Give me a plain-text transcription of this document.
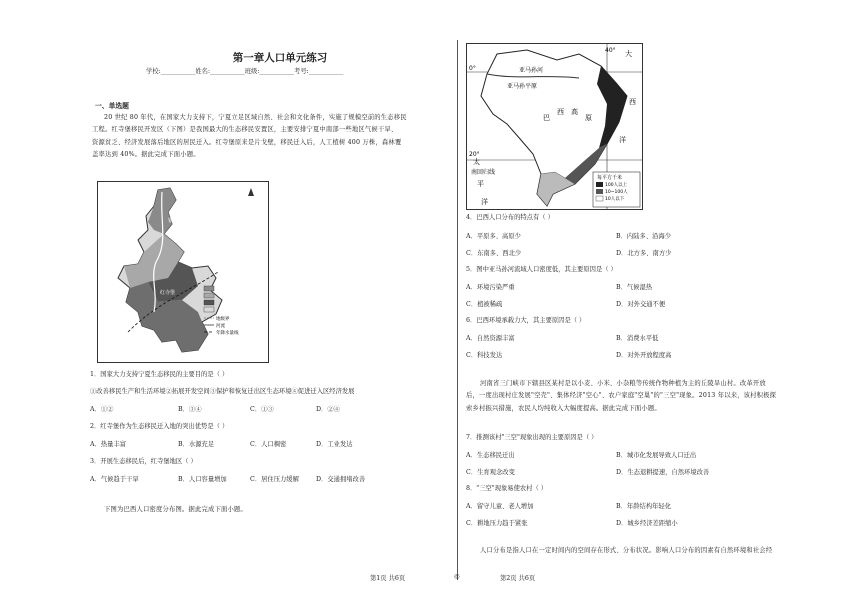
第一章人口单元练习
学校:___________姓名:___________班级:___________考号:___________
一、单选题
20 世纪 80 年代，在国家大力支持下，宁夏立足区域自然、社会和文化条件，实施了规模空前的生态移民
工程。红寺堡移民开发区（下图）是我国最大的生态移民安置区，主要安排宁夏中南部一些地区气候干旱、
资源贫乏、经济发展落后地区的居民迁入。红寺堡原来是片戈壁，移民迁入后，人工植树 400 万株，森林覆
盖率达到 40%。据此完成下面小题。
地级界
河流
年降水量线
银川
红寺堡
1．国家大力支持宁夏生态移民的主要目的是（ ）
①改善移民生产和生活环境②拓展开发空间③保护和恢复迁出区生态环境④促进迁入区经济发展
A．①②	B．③④	C．①③	D．②④
2．红寺堡作为生态移民迁入地的突出优势是（ ）
A．热量丰富	B．水源充足	C．人口稠密	D．工业发达
3．开展生态移民后，红寺堡地区（ ）
A．气候趋于干旱	B．人口容量增加	C．居住压力缓解	D．交通拥堵改善
下图为巴西人口密度分布图。据此完成下面小题。
每平方千米
100人以上
10~100人
10人以下
40° 大
西
洋
0°
20°
亚马孙河
亚马孙平原
巴
西 高
原
太
南回归线
平
洋
4．巴西人口分布的特点有（ ）
A．平原多、高原少	B．内陆多、沿海少
C．东南多、西北少	D．北方多、南方少
5．图中亚马孙河流域人口密度低，其主要原因是（ ）
A．环境污染严重	B．气候湿热
C．植被稀疏	D．对外交通不便
6．巴西环境承载力大，其主要原因是（ ）
A．自然资源丰富	B．消费水平低
C．科技发达	D．对外开放程度高
河南省三门峡市下辖县区某村是以小麦、小米、小杂粮等传统作物种植为主的丘陵旱山村。改革开放
后，一度出现村庄发展"空壳"、集体经济"空心"、农户家庭"空巢"的"三空"现象。2013 年以来，该村积极探
索乡村振兴措施，农民人均纯收入大幅度提高。据此完成下面小题。
7．推测该村"三空"现象出现的主要原因是（ ）
A．生态移民迁出	B．城市化发展导致人口迁出
C．生育观念改变	D．生态退耕提速，自然环境改善
8．"三空"现象易使农村（ ）
A．留守儿童、老人增加	B．年龄结构年轻化
C．耕地压力趋于紧张	D．城乡经济差距缩小
人口分布是指人口在一定时间内的空间存在形式、分布状况。影响人口分布的因素有自然环境和社会经
第1页 共6页	◎	第2页 共6页
